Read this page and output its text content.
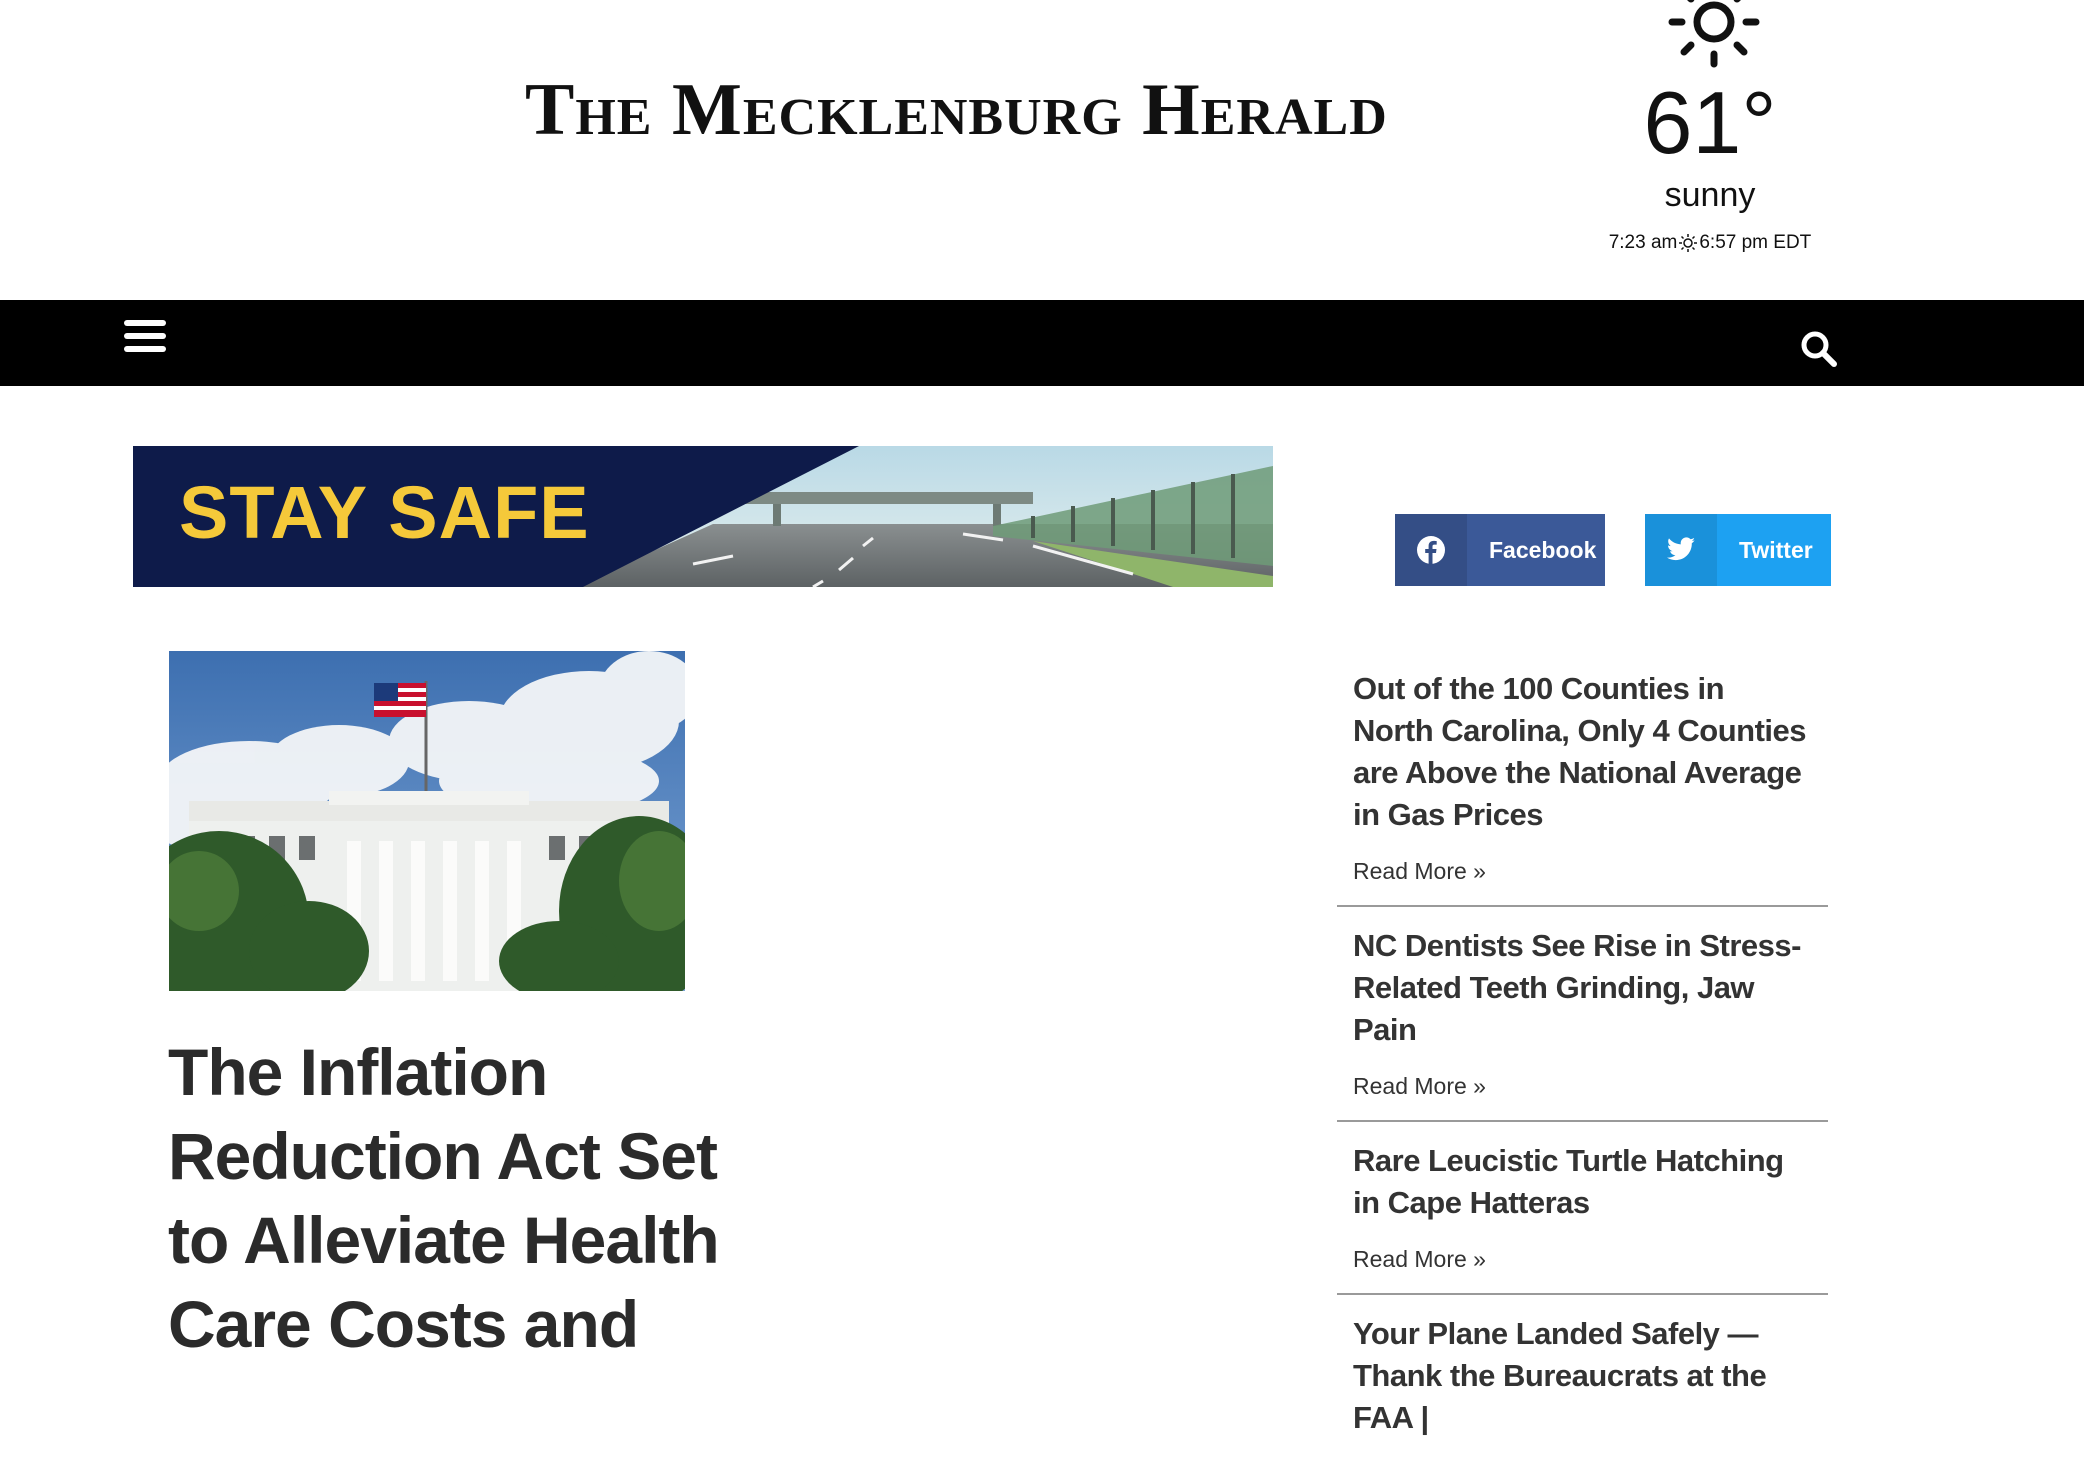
The Mecklenburg Herald	61°
sunny
7:23 am 6:57 pm EDT
STAY SAFE	Facebook	Twitter
The Inflation Reduction Act Set to Alleviate Health Care Costs and
Out of the 100 Counties in North Carolina, Only 4 Counties are Above the National Average in Gas Prices
Read More »
NC Dentists See Rise in Stress-Related Teeth Grinding, Jaw Pain
Read More »
Rare Leucistic Turtle Hatching in Cape Hatteras
Read More »
Your Plane Landed Safely — Thank the Bureaucrats at the FAA |
